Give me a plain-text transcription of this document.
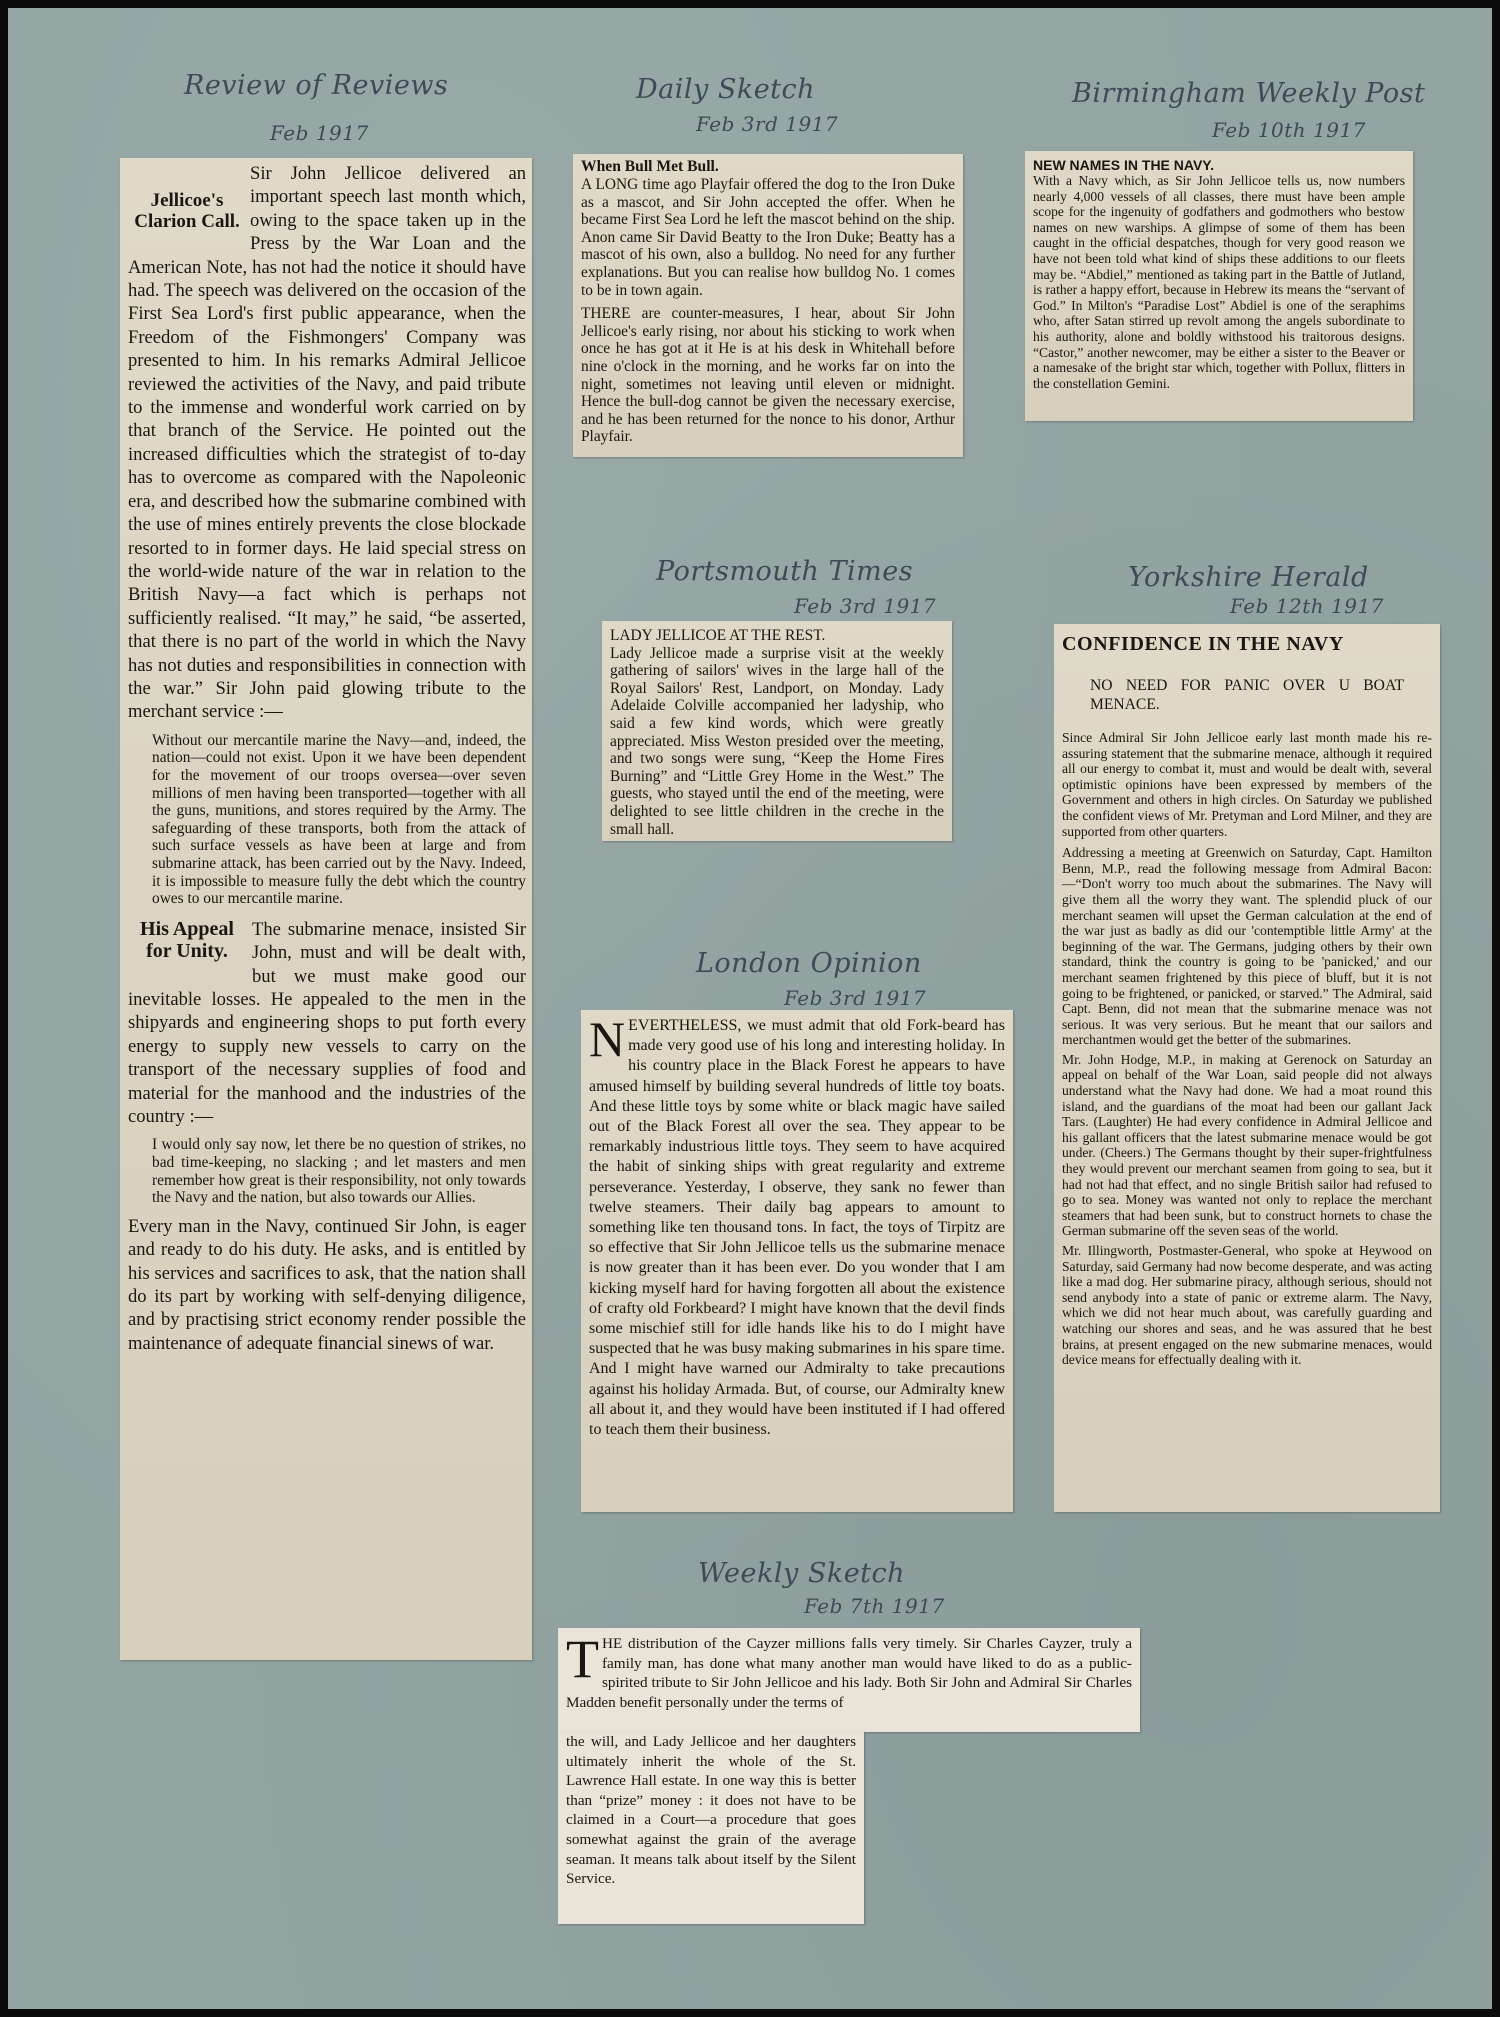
Review of Reviews
Feb 1917
Daily Sketch
Feb 3rd 1917
Birmingham Weekly Post
Feb 10th 1917
Portsmouth Times
Feb 3rd 1917
Yorkshire Herald
Feb 12th 1917
London Opinion
Feb 3rd 1917
Weekly Sketch
Feb 7th 1917
Jellicoe's Clarion Call.

Sir John Jellicoe delivered an important speech last month which, owing to the space taken up in the Press by the War Loan and the American Note, has not had the notice it should have had. The speech was delivered on the occasion of the First Sea Lord's first public appearance, when the Freedom of the Fishmongers' Company was presented to him. In his remarks Admiral Jellicoe reviewed the activities of the Navy, and paid tribute to the immense and wonderful work carried on by that branch of the Service. He pointed out the increased difficulties which the strategist of to-day has to overcome as compared with the Napoleonic era, and described how the submarine combined with the use of mines entirely prevents the close blockade resorted to in former days. He laid special stress on the world-wide nature of the war in relation to the British Navy—a fact which is perhaps not sufficiently realised. “It may,” he said, “be asserted, that there is no part of the world in which the Navy has not duties and responsibilities in connection with the war.” Sir John paid glowing tribute to the merchant service :—

Without our mercantile marine the Navy—and, indeed, the nation—could not exist. Upon it we have been dependent for the movement of our troops oversea—over seven millions of men having been transported—together with all the guns, munitions, and stores required by the Army. The safeguarding of these transports, both from the attack of such surface vessels as have been at large and from submarine attack, has been carried out by the Navy. Indeed, it is impossible to measure fully the debt which the country owes to our mercantile marine.

His Appeal for Unity.

The submarine menace, insisted Sir John, must and will be dealt with, but we must make good our inevitable losses. He appealed to the men in the shipyards and engineering shops to put forth every energy to supply new vessels to carry on the transport of the necessary supplies of food and material for the manhood and the industries of the country :—

I would only say now, let there be no question of strikes, no bad time-keeping, no slacking ; and let masters and men remember how great is their responsibility, not only towards the Navy and the nation, but also towards our Allies.

Every man in the Navy, continued Sir John, is eager and ready to do his duty. He asks, and is entitled by his services and sacrifices to ask, that the nation shall do its part by working with self-denying diligence, and by practising strict economy render possible the maintenance of adequate financial sinews of war.

When Bull Met Bull.

A LONG time ago Playfair offered the dog to the Iron Duke as a mascot, and Sir John accepted the offer. When he became First Sea Lord he left the mascot behind on the ship. Anon came Sir David Beatty to the Iron Duke; Beatty has a mascot of his own, also a bulldog. No need for any further explanations. But you can realise how bulldog No. 1 comes to be in town again.

THERE are counter-measures, I hear, about Sir John Jellicoe's early rising, nor about his sticking to work when once he has got at it He is at his desk in Whitehall before nine o'clock in the morning, and he works far on into the night, sometimes not leaving until eleven or midnight. Hence the bull-dog cannot be given the necessary exercise, and he has been returned for the nonce to his donor, Arthur Playfair.

NEW NAMES IN THE NAVY.

With a Navy which, as Sir John Jellicoe tells us, now numbers nearly 4,000 vessels of all classes, there must have been ample scope for the ingenuity of godfathers and godmothers who bestow names on new warships. A glimpse of some of them has been caught in the official despatches, though for very good reason we have not been told what kind of ships these additions to our fleets may be. “Abdiel,” mentioned as taking part in the Battle of Jutland, is rather a happy effort, because in Hebrew its means the “servant of God.” In Milton's “Paradise Lost” Abdiel is one of the seraphims who, after Satan stirred up revolt among the angels subordinate to his authority, alone and boldly withstood his traitorous designs. “Castor,” another newcomer, may be either a sister to the Beaver or a namesake of the bright star which, together with Pollux, flitters in the constellation Gemini.

LADY JELLICOE AT THE REST.

Lady Jellicoe made a surprise visit at the weekly gathering of sailors' wives in the large hall of the Royal Sailors' Rest, Landport, on Monday. Lady Adelaide Colville accompanied her ladyship, who said a few kind words, which were greatly appreciated. Miss Weston presided over the meeting, and two songs were sung, “Keep the Home Fires Burning” and “Little Grey Home in the West.” The guests, who stayed until the end of the meeting, were delighted to see little children in the creche in the small hall.

CONFIDENCE IN THE NAVY

NO NEED FOR PANIC OVER U BOAT MENACE.

Since Admiral Sir John Jellicoe early last month made his re-assuring statement that the submarine menace, although it required all our energy to combat it, must and would be dealt with, several optimistic opinions have been expressed by members of the Government and others in high circles. On Saturday we published the confident views of Mr. Pretyman and Lord Milner, and they are supported from other quarters.

Addressing a meeting at Greenwich on Saturday, Capt. Hamilton Benn, M.P., read the following message from Admiral Bacon:—“Don't worry too much about the submarines. The Navy will give them all the worry they want. The splendid pluck of our merchant seamen will upset the German calculation at the end of the war just as badly as did our 'contemptible little Army' at the beginning of the war. The Germans, judging others by their own standard, think the country is going to be 'panicked,' and our merchant seamen frightened by this piece of bluff, but it is not going to be frightened, or panicked, or starved.” The Admiral, said Capt. Benn, did not mean that the submarine menace was not serious. It was very serious. But he meant that our sailors and merchantmen would get the better of the submarines.

Mr. John Hodge, M.P., in making at Gerenock on Saturday an appeal on behalf of the War Loan, said people did not always understand what the Navy had done. We had a moat round this island, and the guardians of the moat had been our gallant Jack Tars. (Laughter) He had every confidence in Admiral Jellicoe and his gallant officers that the latest submarine menace would be got under. (Cheers.) The Germans thought by their super-frightfulness they would prevent our merchant seamen from going to sea, but it had not had that effect, and no single British sailor had refused to go to sea. Money was wanted not only to replace the merchant steamers that had been sunk, but to construct hornets to chase the German submarine off the seven seas of the world.

Mr. Illingworth, Postmaster-General, who spoke at Heywood on Saturday, said Germany had now become desperate, and was acting like a mad dog. Her submarine piracy, although serious, should not send anybody into a state of panic or extreme alarm. The Navy, which we did not hear much about, was carefully guarding and watching our shores and seas, and he was assured that he best brains, at present engaged on the new submarine menaces, would device means for effectually dealing with it.

N EVERTHELESS, we must admit that old Fork-beard has made very good use of his long and interesting holiday. In his country place in the Black Forest he appears to have amused himself by building several hundreds of little toy boats. And these little toys by some white or black magic have sailed out of the Black Forest all over the sea. They appear to be remarkably industrious little toys. They seem to have acquired the habit of sinking ships with great regularity and extreme perseverance. Yesterday, I observe, they sank no fewer than twelve steamers. Their daily bag appears to amount to something like ten thousand tons. In fact, the toys of Tirpitz are so effective that Sir John Jellicoe tells us the submarine menace is now greater than it has been ever. Do you wonder that I am kicking myself hard for having forgotten all about the existence of crafty old Forkbeard? I might have known that the devil finds some mischief still for idle hands like his to do I might have suspected that he was busy making submarines in his spare time. And I might have warned our Admiralty to take precautions against his holiday Armada. But, of course, our Admiralty knew all about it, and they would have been instituted if I had offered to teach them their business.

T HE distribution of the Cayzer millions falls very timely. Sir Charles Cayzer, truly a family man, has done what many another man would have liked to do as a public-spirited tribute to Sir John Jellicoe and his lady. Both Sir John and Admiral Sir Charles Madden benefit personally under the terms of

the will, and Lady Jellicoe and her daughters ultimately inherit the whole of the St. Lawrence Hall estate. In one way this is better than “prize” money : it does not have to be claimed in a Court—a procedure that goes somewhat against the grain of the average seaman. It means talk about itself by the Silent Service.
